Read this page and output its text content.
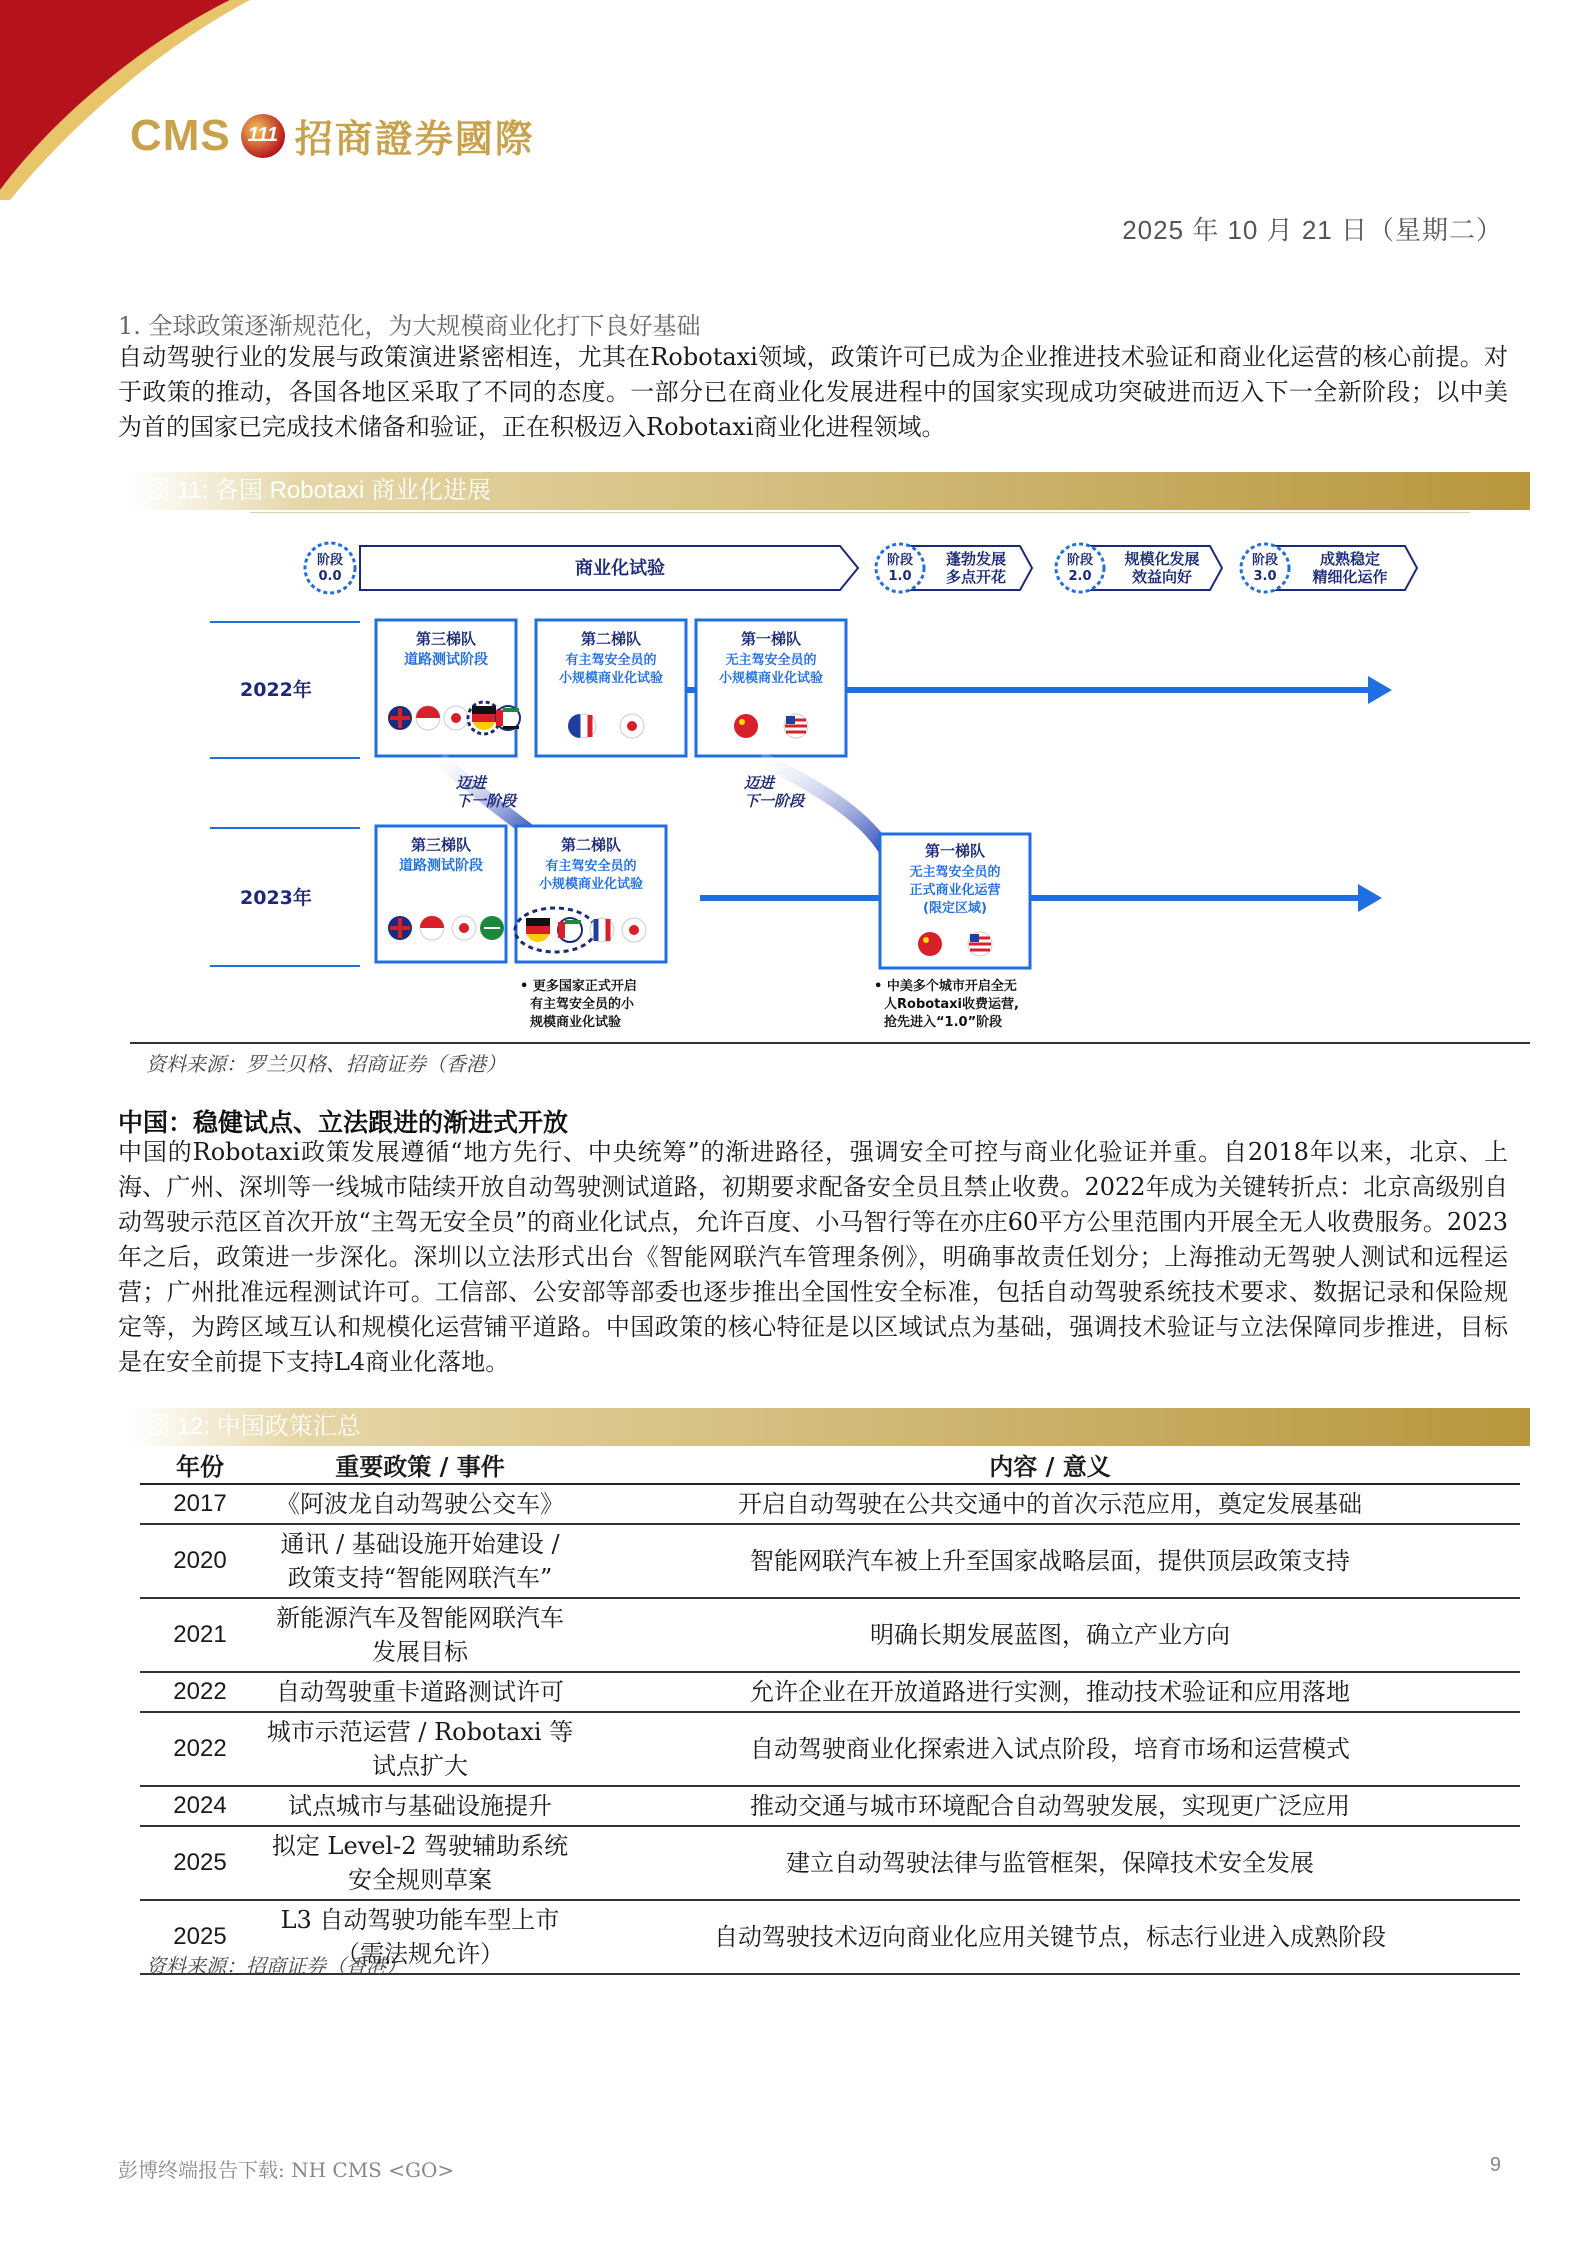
CMS 111 招商證券國際
2025 年 10 月 21 日（星期二）
1. 全球政策逐渐规范化，为大规模商业化打下良好基础
自动驾驶行业的发展与政策演进紧密相连，尤其在Robotaxi领域，政策许可已成为企业推进技术验证和商业化运营的核心前提。对于政策的推动，各国各地区采取了不同的态度。一部分已在商业化发展进程中的国家实现成功突破进而迈入下一全新阶段；以中美为首的国家已完成技术储备和验证，正在积极迈入Robotaxi商业化进程领域。
图 11: 各国 Robotaxi 商业化进展
阶段
0.0	商业化试验	阶段
1.0
蓬勃发展
多点开花
阶段
2.0
规模化发展
效益向好
阶段
3.0
成熟稳定
精细化运作
2022年
第三梯队
道路测试阶段
第二梯队
有主驾安全员的
小规模商业化试验
第一梯队
无主驾安全员的
小规模商业化试验
迈进
下一阶段
迈进
下一阶段
2023年
第三梯队
道路测试阶段
第二梯队
有主驾安全员的
小规模商业化试验
第一梯队
无主驾安全员的
正式商业化运营
(限定区域)
• 更多国家正式开启
有主驾安全员的小
规模商业化试验
• 中美多个城市开启全无
人Robotaxi收费运营,
抢先进入“1.0”阶段
资料来源：罗兰贝格、招商证券（香港）
中国：稳健试点、立法跟进的渐进式开放
中国的Robotaxi政策发展遵循“地方先行、中央统筹”的渐进路径，强调安全可控与商业化验证并重。自2018年以来，北京、上海、广州、深圳等一线城市陆续开放自动驾驶测试道路，初期要求配备安全员且禁止收费。2022年成为关键转折点：北京高级别自动驾驶示范区首次开放“主驾无安全员”的商业化试点，允许百度、小马智行等在亦庄60平方公里范围内开展全无人收费服务。2023年之后，政策进一步深化。深圳以立法形式出台《智能网联汽车管理条例》，明确事故责任划分；上海推动无驾驶人测试和远程运营；广州批准远程测试许可。工信部、公安部等部委也逐步推出全国性安全标准，包括自动驾驶系统技术要求、数据记录和保险规定等，为跨区域互认和规模化运营铺平道路。中国政策的核心特征是以区域试点为基础，强调技术验证与立法保障同步推进，目标是在安全前提下支持L4商业化落地。
图 12: 中国政策汇总
年份	重要政策 / 事件	内容 / 意义
2017	《阿波龙自动驾驶公交车》	开启自动驾驶在公共交通中的首次示范应用，奠定发展基础
2020	通讯 / 基础设施开始建设 /
政策支持“智能网联汽车”	智能网联汽车被上升至国家战略层面，提供顶层政策支持
2021	新能源汽车及智能网联汽车
发展目标	明确长期发展蓝图，确立产业方向
2022	自动驾驶重卡道路测试许可	允许企业在开放道路进行实测，推动技术验证和应用落地
2022	城市示范运营 / Robotaxi 等
试点扩大	自动驾驶商业化探索进入试点阶段，培育市场和运营模式
2024	试点城市与基础设施提升	推动交通与城市环境配合自动驾驶发展，实现更广泛应用
2025	拟定 Level-2 驾驶辅助系统
安全规则草案	建立自动驾驶法律与监管框架，保障技术安全发展
2025	L3 自动驾驶功能车型上市
（需法规允许）	自动驾驶技术迈向商业化应用关键节点，标志行业进入成熟阶段
资料来源：招商证券（香港）
彭博终端报告下载: NH CMS <GO>	9
